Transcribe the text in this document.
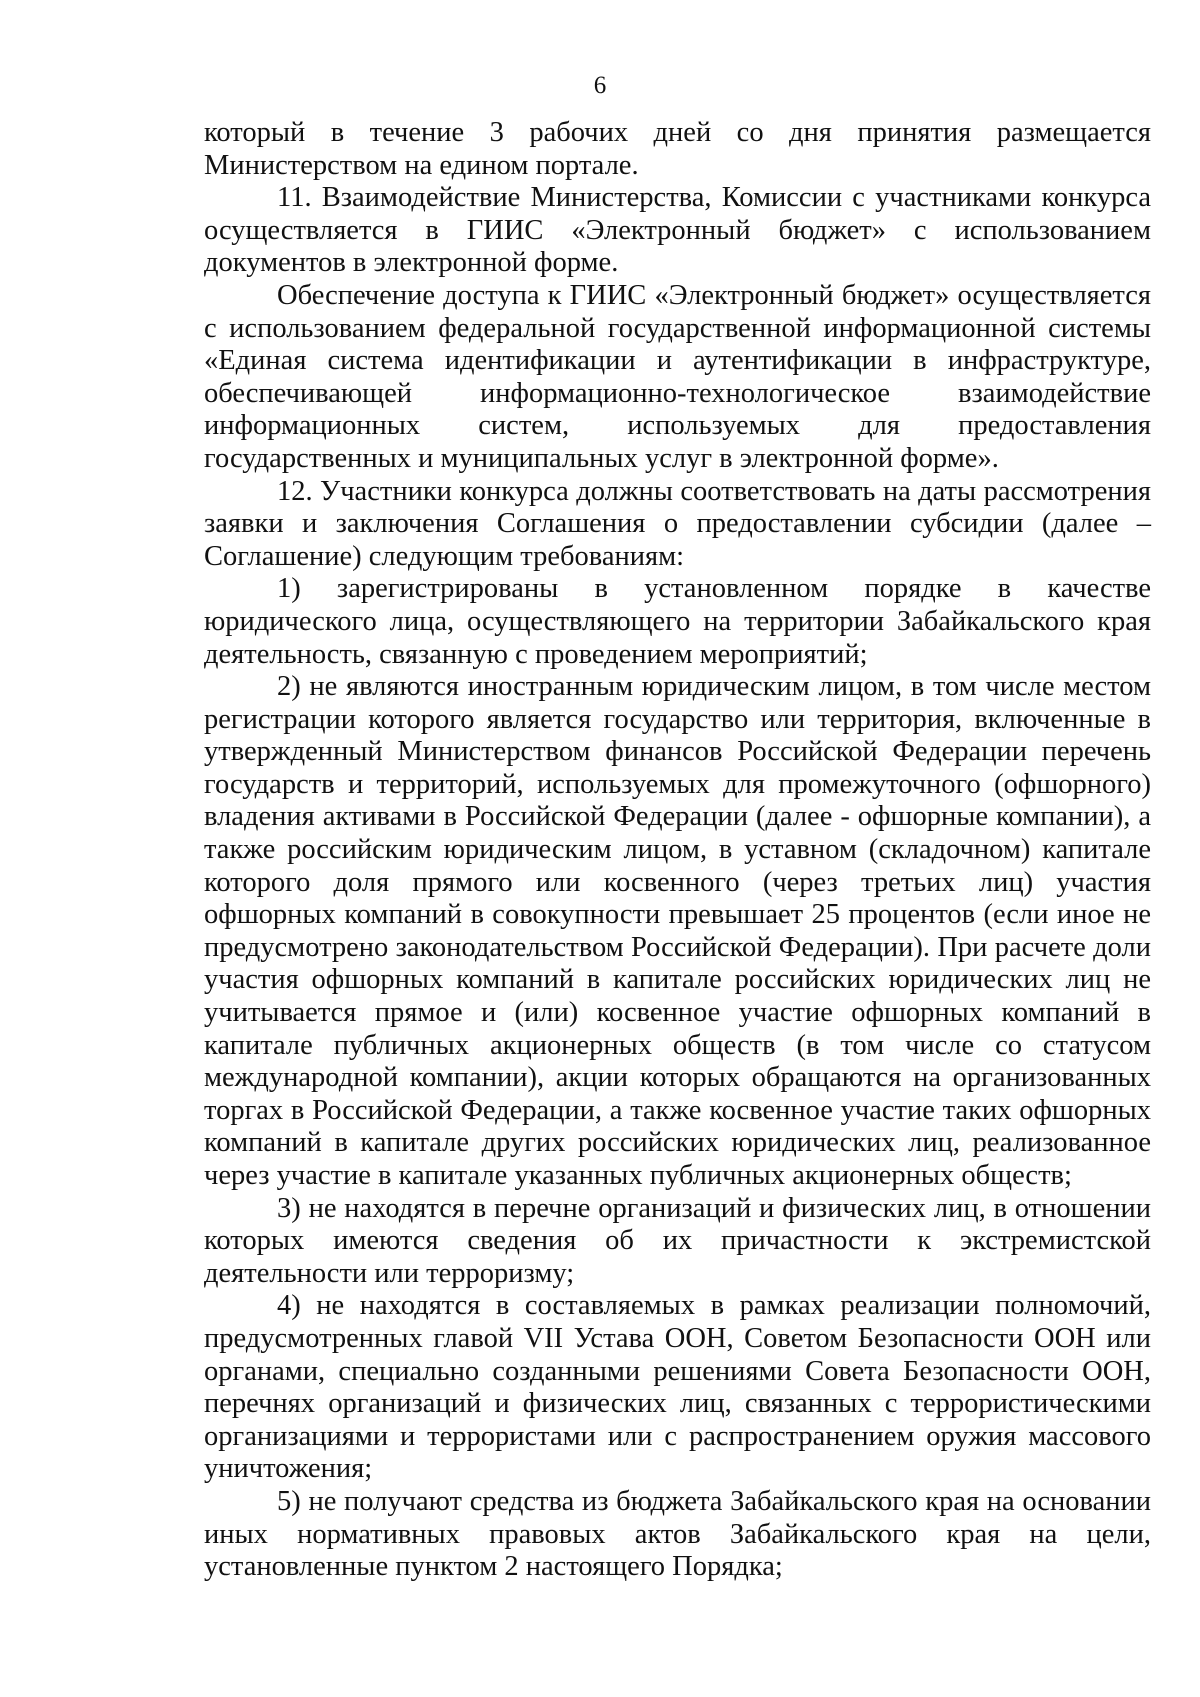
6

который в течение 3 рабочих дней со дня принятия размещается Министерством на едином портале.

11. Взаимодействие Министерства, Комиссии с участниками конкурса осуществляется в ГИИС «Электронный бюджет» с использованием документов в электронной форме.

Обеспечение доступа к ГИИС «Электронный бюджет» осуществляется с использованием федеральной государственной информационной системы «Единая система идентификации и аутентификации в инфраструктуре, обеспечивающей информационно-технологическое взаимодействие информационных систем, используемых для предоставления государственных и муниципальных услуг в электронной форме».

12. Участники конкурса должны соответствовать на даты рассмотрения заявки и заключения Соглашения о предоставлении субсидии (далее – Соглашение) следующим требованиям:

1) зарегистрированы в установленном порядке в качестве юридического лица, осуществляющего на территории Забайкальского края деятельность, связанную с проведением мероприятий;

2) не являются иностранным юридическим лицом, в том числе местом регистрации которого является государство или территория, включенные в утвержденный Министерством финансов Российской Федерации перечень государств и территорий, используемых для промежуточного (офшорного) владения активами в Российской Федерации (далее - офшорные компании), а также российским юридическим лицом, в уставном (складочном) капитале которого доля прямого или косвенного (через третьих лиц) участия офшорных компаний в совокупности превышает 25 процентов (если иное не предусмотрено законодательством Российской Федерации). При расчете доли участия офшорных компаний в капитале российских юридических лиц не учитывается прямое и (или) косвенное участие офшорных компаний в капитале публичных акционерных обществ (в том числе со статусом международной компании), акции которых обращаются на организованных торгах в Российской Федерации, а также косвенное участие таких офшорных компаний в капитале других российских юридических лиц, реализованное через участие в капитале указанных публичных акционерных обществ;

3) не находятся в перечне организаций и физических лиц, в отношении которых имеются сведения об их причастности к экстремистской деятельности или терроризму;

4) не находятся в составляемых в рамках реализации полномочий, предусмотренных главой VII Устава ООН, Советом Безопасности ООН или органами, специально созданными решениями Совета Безопасности ООН, перечнях организаций и физических лиц, связанных с террористическими организациями и террористами или с распространением оружия массового уничтожения;

5) не получают средства из бюджета Забайкальского края на основании иных нормативных правовых актов Забайкальского края на цели, установленные пунктом 2 настоящего Порядка;
